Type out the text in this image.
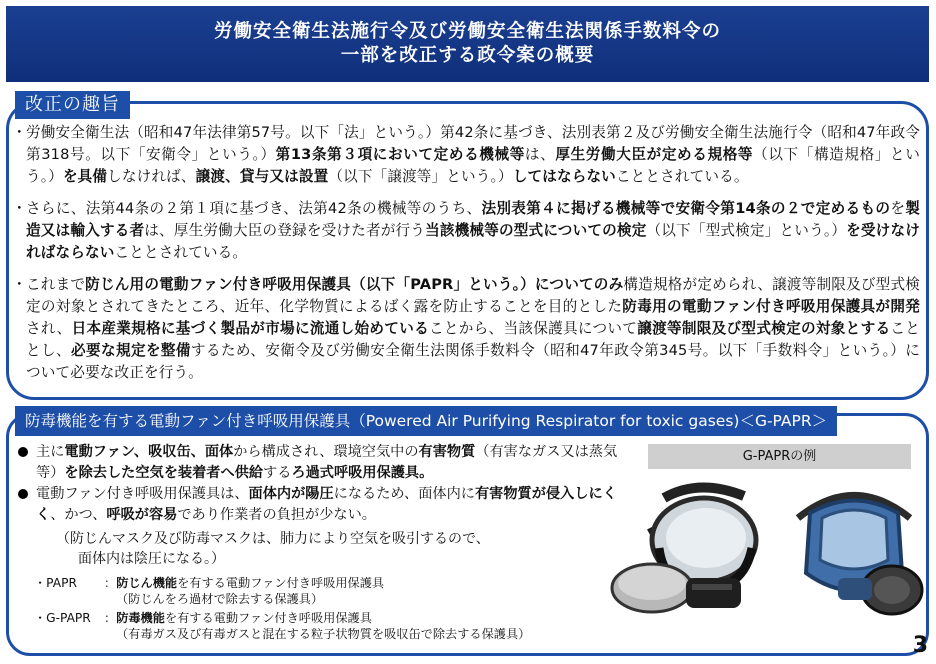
労働安全衛生法施行令及び労働安全衛生法関係手数料令の
一部を改正する政令案の概要
改正の趣旨

・ 労働安全衛生法（昭和47年法律第57号。以下「法」という。）第42条に基づき、法別表第２及び労働安全衛生法施行令（昭和47年政令第318号。以下「安衛令」という。）第13条第３項において定める機械等は、厚生労働大臣が定める規格等（以下「構造規格」という。）を具備しなければ、譲渡、貸与又は設置（以下「譲渡等」という。）してはならないこととされている。

・ さらに、法第44条の２第１項に基づき、法第42条の機械等のうち、法別表第４に掲げる機械等で安衛令第14条の２で定めるものを製造又は輸入する者は、厚生労働大臣の登録を受けた者が行う当該機械等の型式についての検定（以下「型式検定」という。）を受けなければならないこととされている。

・ これまで防じん用の電動ファン付き呼吸用保護具（以下「PAPR」という。）についてのみ構造規格が定められ、譲渡等制限及び型式検定の対象とされてきたところ、近年、化学物質によるばく露を防止することを目的とした防毒用の電動ファン付き呼吸用保護具が開発され、日本産業規格に基づく製品が市場に流通し始めていることから、当該保護具について譲渡等制限及び型式検定の対象とすることとし、必要な規定を整備するため、安衛令及び労働安全衛生法関係手数料令（昭和47年政令第345号。以下「手数料令」という。）について必要な改正を行う。

防毒機能を有する電動ファン付き呼吸用保護具（Powered Air Purifying Respirator for toxic gases)＜G-PAPR＞

主に電動ファン、吸収缶、面体から構成され、環境空気中の有害物質（有害なガス又は蒸気等）を除去した空気を装着者へ供給するろ過式呼吸用保護具。

電動ファン付き呼吸用保護具は、面体内が陽圧になるため、面体内に有害物質が侵入しにくく、かつ、呼吸が容易であり作業者の負担が少ない。

（防じんマスク及び防毒マスクは、肺力により空気を吸引するので、
面体内は陰圧になる。）
・PAPR	：防じん機能を有する電動ファン付き呼吸用保護具
（防じんをろ過材で除去する保護具）
・G-PAPR	：防毒機能を有する電動ファン付き呼吸用保護具
（有毒ガス及び有毒ガスと混在する粒子状物質を吸収缶で除去する保護具）
G-PAPRの例
3
